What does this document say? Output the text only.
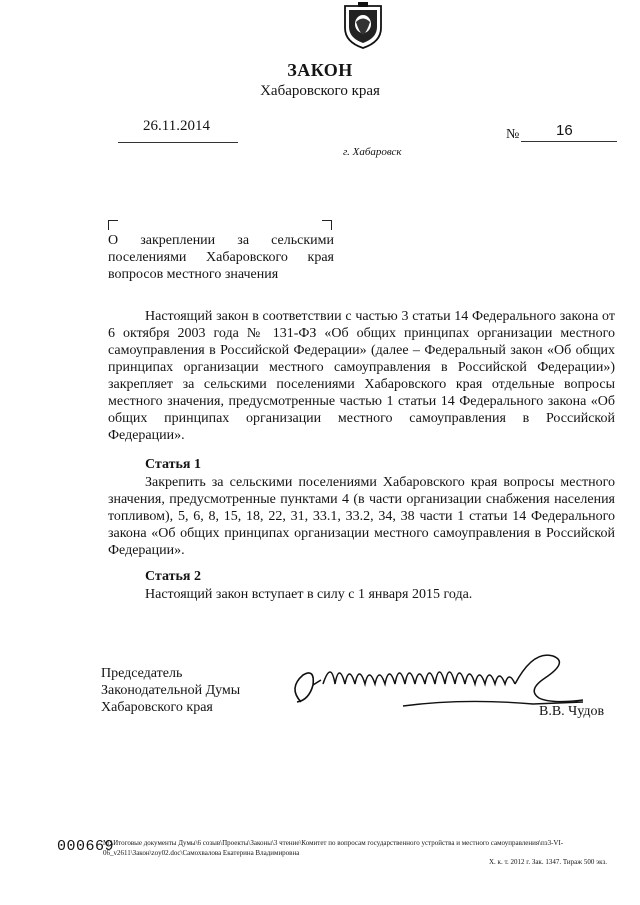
ЗАКОН
Хабаровского края
26.11.2014
№ 16
г. Хабаровск
О закреплении за сельскими поселениями Хабаровского края вопросов местного значения
Настоящий закон в соответствии с частью 3 статьи 14 Федерального закона от 6 октября 2003 года № 131-ФЗ «Об общих принципах организации местного самоуправления в Российской Федерации» (далее – Федеральный закон «Об общих принципах организации местного самоуправления в Российской Федерации») закрепляет за сельскими поселениями Хабаровского края отдельные вопросы местного значения, предусмотренные частью 1 статьи 14 Федерального закона «Об общих принципах организации местного самоуправления в Российской Федерации».
Статья 1
Закрепить за сельскими поселениями Хабаровского края вопросы местного значения, предусмотренные пунктами 4 (в части организации снабжения населения топливом), 5, 6, 8, 15, 18, 22, 31, 33.1, 33.2, 34, 38 части 1 статьи 14 Федерального закона «Об общих принципах организации местного самоуправления в Российской Федерации».
Статья 2
Настоящий закон вступает в силу с 1 января 2015 года.
Председатель
Законодательной Думы
Хабаровского края	В.В. Чудов
000669
М:\Итоговые документы Думы\6 созыв\Проекты\Законы\3 чтение\Комитет по вопросам государственного устройства и местного самоуправления\пз3-VI-
06_v2611\Закон\zoy02.doc\Самохвалова Екатерина Владимировна
Х. к. т. 2012 г. Зак. 1347. Тираж 500 экз.
